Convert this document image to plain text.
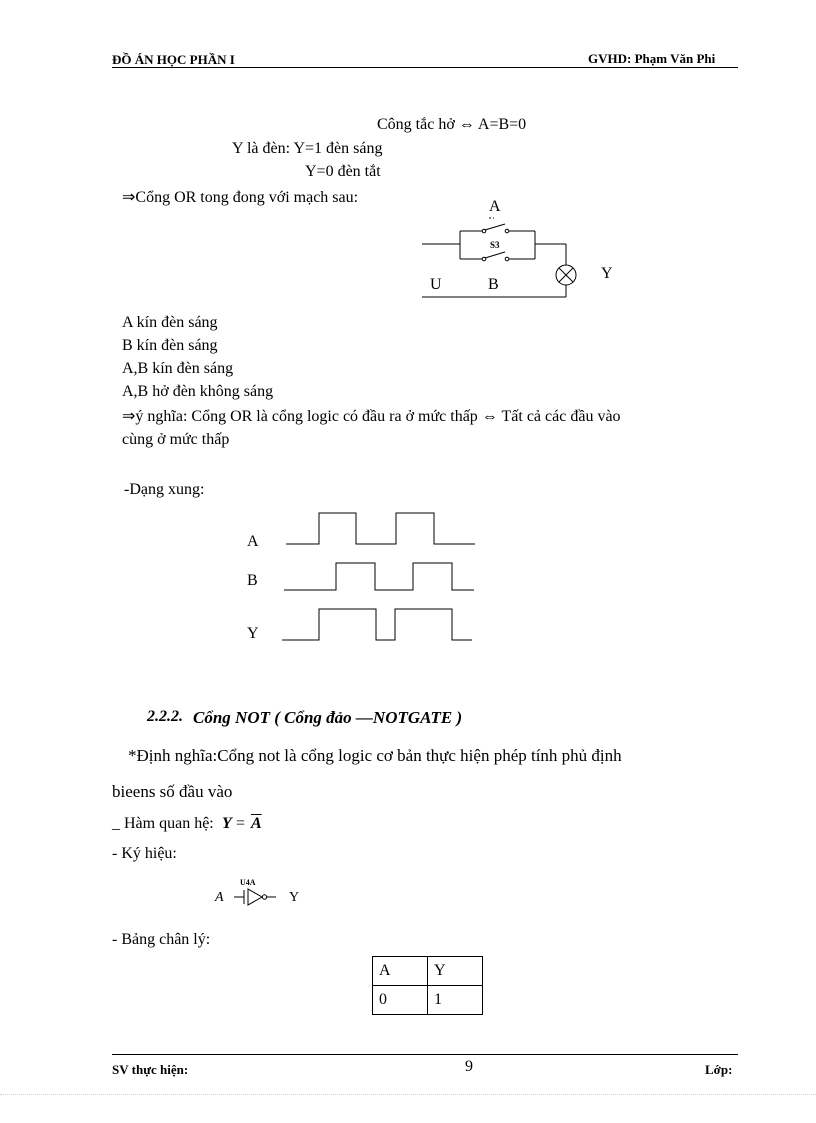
ĐỒ ÁN HỌC PHẦN I	GVHD: Phạm Văn Phi
Công tắc hở ⇔ A=B=0
Y là đèn: Y=1 đèn sáng
Y=0 đèn tắt
⇒Cổng OR tong đong với mạch sau:
A
S3
U	B
Y
A kín đèn sáng
B kín đèn sáng
A,B kín đèn sáng
A,B hở đèn không sáng
⇒ý nghĩa: Cổng OR là cổng logic có đầu ra ở mức thấp ⇔ Tất cả các đầu vào
cùng ở mức thấp
-Dạng xung:
A
B
Y
2.2.2. Cổng NOT ( Cổng đảo —NOTGATE )
*Định nghĩa:Cổng not là cổng logic cơ bản thực hiện phép tính phủ định
bieens số đầu vào
_ Hàm quan hệ: $Y = \overline{A}$
- Ký hiệu:
U4A
A	Y
- Bảng chân lý:
A	Y
0	1
SV thực hiện:	9	Lớp:
